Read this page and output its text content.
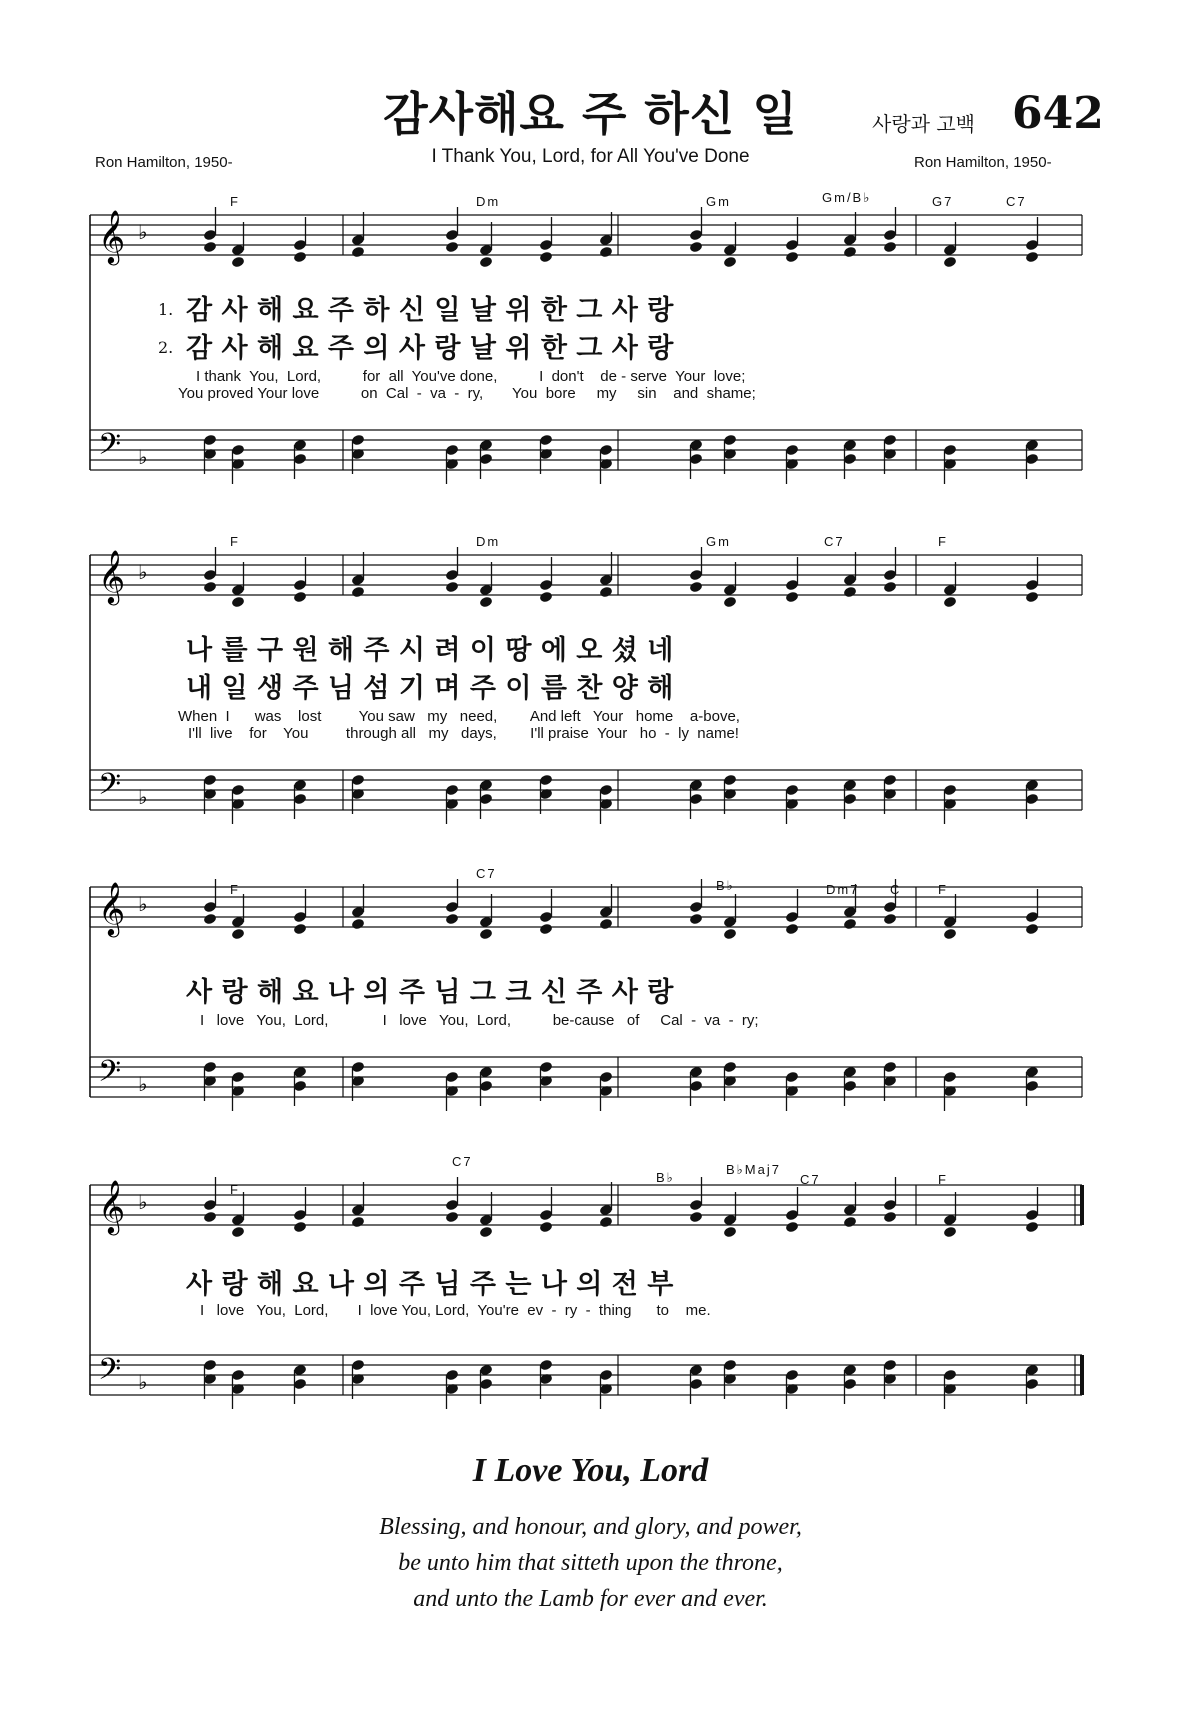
감사해요 주 하신 일
I Thank You, Lord, for All You've Done
사랑과 고백 642
Ron Hamilton, 1950-	Ron Hamilton, 1950-
𝄞
𝄢
♭
♭
F	Dm	Gm	Gm/B♭	G7	C7
1. 감 사 해 요 주 하 신 일 날 위 한 그 사 랑
2. 감 사 해 요 주 의 사 랑 날 위 한 그 사 랑
I thank  You,  Lord,          for  all  You've done,          I  don't    de - serve  Your  love;
You proved Your love          on  Cal  -  va  -  ry,       You  bore     my     sin    and  shame;
𝄞
𝄢
♭
♭
F	Dm	Gm	C7	F
나 를 구 원 해 주 시 려 이 땅 에 오 셨 네
내 일 생 주 님 섬 기 며 주 이 름 찬 양 해
When  I      was    lost         You saw   my   need,        And left   Your   home    a-bove,
I'll  live    for    You         through all   my   days,        I'll praise  Your   ho  -  ly  name!
𝄞
𝄢
♭
♭
F
C7
B♭	Dm7 C	F
사 랑 해 요 나 의 주 님 그 크 신 주 사 랑
I   love   You,  Lord,             I   love   You,  Lord,          be-cause   of     Cal  -  va  -  ry;
𝄞
𝄢
♭
♭
F
C7
B♭
B♭Maj7
C7	F
사 랑 해 요 나 의 주 님 주 는 나 의 전 부
I   love   You,  Lord,       I  love You, Lord,  You're  ev  -  ry  -  thing      to    me.
I Love You, Lord
Blessing, and honour, and glory, and power,
be unto him that sitteth upon the throne,
and unto the Lamb for ever and ever.
